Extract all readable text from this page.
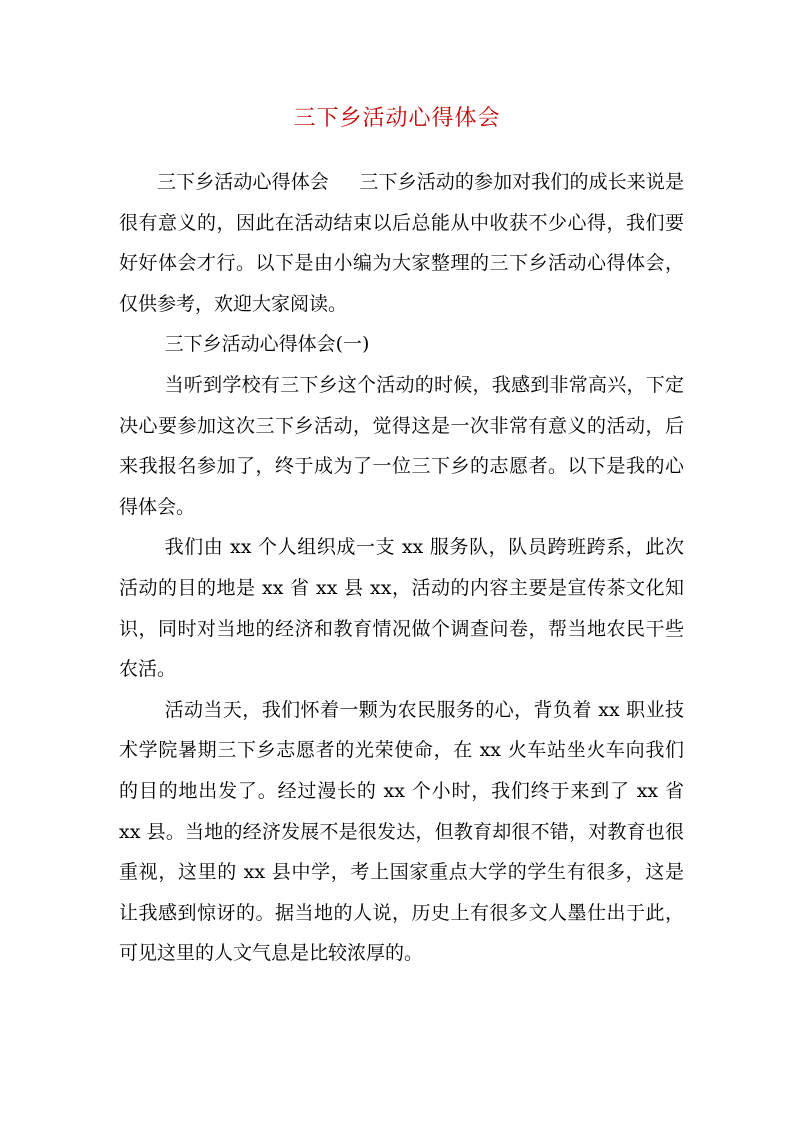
三下乡活动心得体会

三下乡活动心得体会 三下乡活动的参加对我们的成长来说是很有意义的，因此在活动结束以后总能从中收获不少心得，我们要好好体会才行。以下是由小编为大家整理的三下乡活动心得体会，仅供参考，欢迎大家阅读。

三下乡活动心得体会(一)

当听到学校有三下乡这个活动的时候，我感到非常高兴，下定决心要参加这次三下乡活动，觉得这是一次非常有意义的活动，后来我报名参加了，终于成为了一位三下乡的志愿者。以下是我的心得体会。

我们由 xx 个人组织成一支 xx 服务队，队员跨班跨系，此次活动的目的地是 xx 省 xx 县 xx，活动的内容主要是宣传茶文化知识，同时对当地的经济和教育情况做个调查问卷，帮当地农民干些农活。

活动当天，我们怀着一颗为农民服务的心，背负着 xx 职业技术学院暑期三下乡志愿者的光荣使命，在 xx 火车站坐火车向我们的目的地出发了。经过漫长的 xx 个小时，我们终于来到了 xx 省 xx 县。当地的经济发展不是很发达，但教育却很不错，对教育也很重视，这里的 xx 县中学，考上国家重点大学的学生有很多，这是让我感到惊讶的。据当地的人说，历史上有很多文人墨仕出于此，可见这里的人文气息是比较浓厚的。
